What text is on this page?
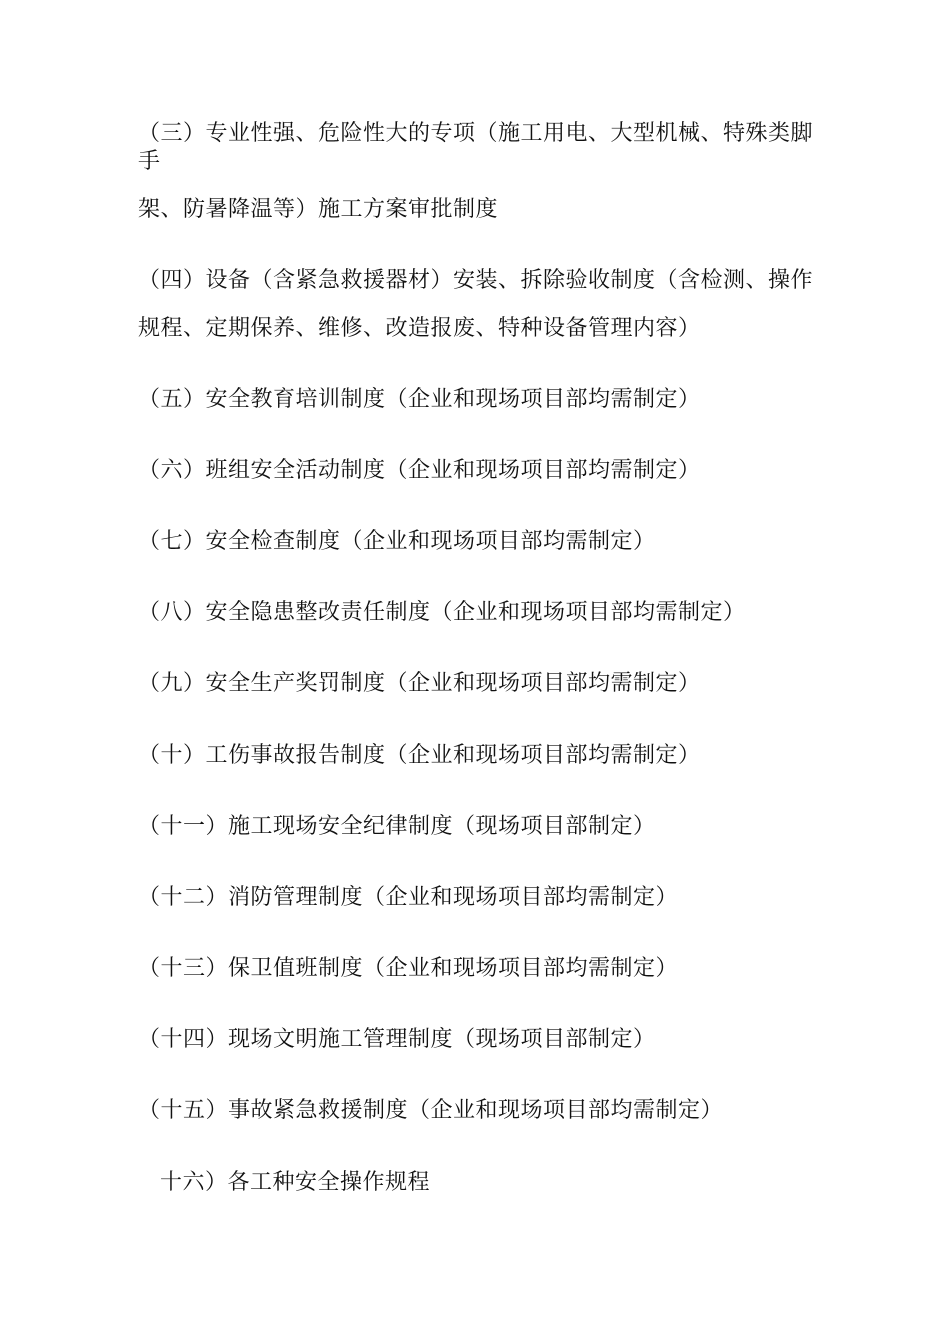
（三）专业性强、危险性大的专项（施工用电、大型机械、特殊类脚
手
架、防暑降温等）施工方案审批制度
（四）设备（含紧急救援器材）安装、拆除验收制度（含检测、操作
规程、定期保养、维修、改造报废、特种设备管理内容）
（五）安全教育培训制度（企业和现场项目部均需制定）
（六）班组安全活动制度（企业和现场项目部均需制定）
（七）安全检查制度（企业和现场项目部均需制定）
（八）安全隐患整改责任制度（企业和现场项目部均需制定）
（九）安全生产奖罚制度（企业和现场项目部均需制定）
（十）工伤事故报告制度（企业和现场项目部均需制定）
（十一）施工现场安全纪律制度（现场项目部制定）
（十二）消防管理制度（企业和现场项目部均需制定）
（十三）保卫值班制度（企业和现场项目部均需制定）
（十四）现场文明施工管理制度（现场项目部制定）
（十五）事故紧急救援制度（企业和现场项目部均需制定）
十六）各工种安全操作规程
